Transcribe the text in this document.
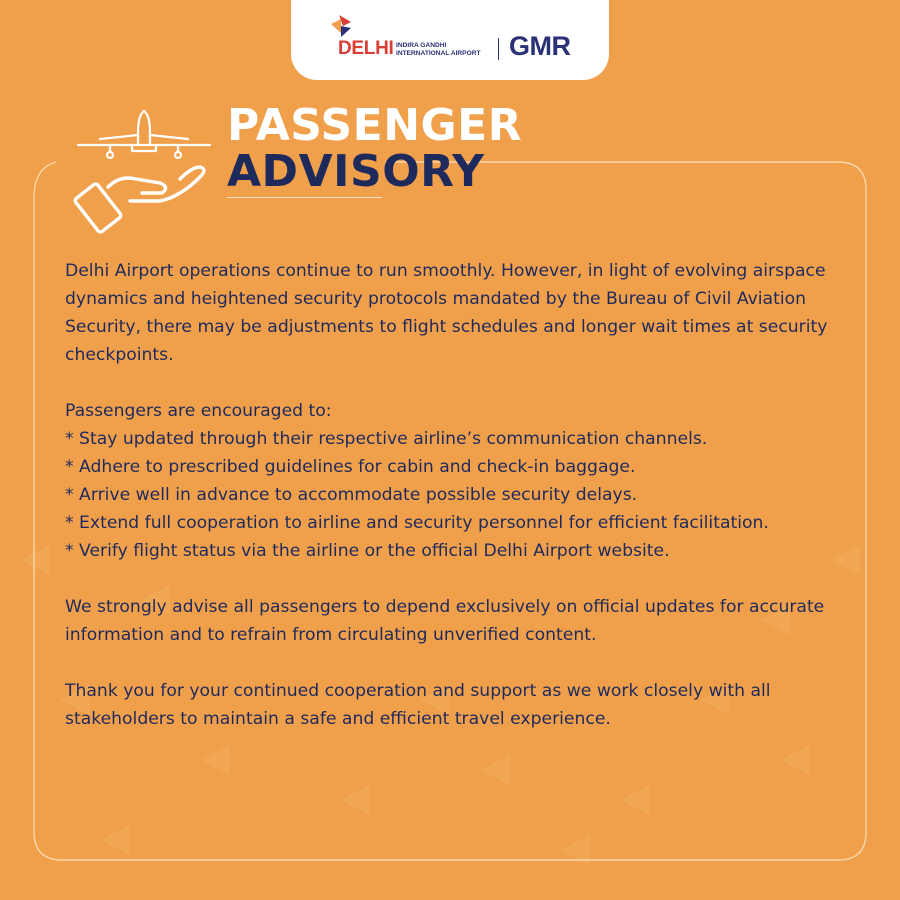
DELHI INDIRA GANDHI
INTERNATIONAL AIRPORT	GMR
PASSENGER
ADVISORY

Delhi Airport operations continue to run smoothly. However, in light of evolving airspace dynamics and heightened security protocols mandated by the Bureau of Civil Aviation Security, there may be adjustments to flight schedules and longer wait times at security checkpoints.

Passengers are encouraged to:

* Stay updated through their respective airline’s communication channels.

* Adhere to prescribed guidelines for cabin and check-in baggage.

* Arrive well in advance to accommodate possible security delays.

* Extend full cooperation to airline and security personnel for efficient facilitation.

* Verify flight status via the airline or the official Delhi Airport website.

We strongly advise all passengers to depend exclusively on official updates for accurate information and to refrain from circulating unverified content.

Thank you for your continued cooperation and support as we work closely with all stakeholders to maintain a safe and efficient travel experience.
